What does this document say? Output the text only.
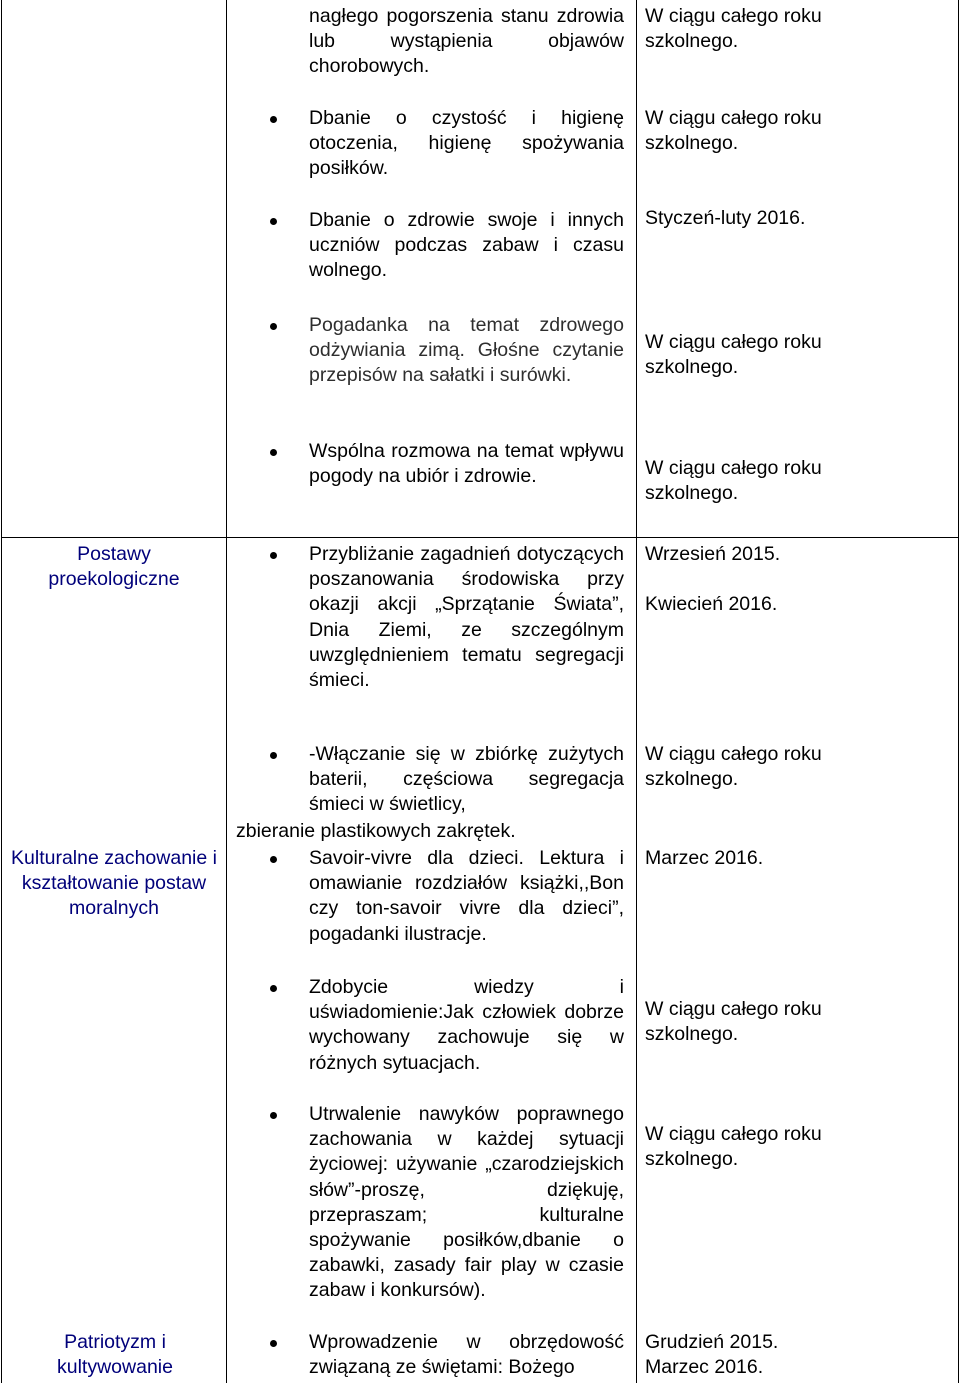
nagłego pogorszenia stanu zdrowia lub wystąpienia objawów chorobowych.
W ciągu całego roku szkolnego.
Dbanie o czystość i higienę otoczenia, higienę spożywania posiłków.
W ciągu całego roku szkolnego.
Dbanie o zdrowie swoje i innych uczniów podczas zabaw i czasu wolnego.
Styczeń-luty 2016.
Pogadanka na temat zdrowego odżywiania zimą. Głośne czytanie przepisów na sałatki i surówki.
W ciągu całego roku szkolnego.
Wspólna rozmowa na temat wpływu pogody na ubiór i zdrowie.	W ciągu całego roku szkolnego.
Postawy proekologiczne
Przybliżanie zagadnień dotyczących poszanowania środowiska przy okazji akcji „Sprzątanie Świata”, Dnia Ziemi, ze szczególnym uwzględnieniem tematu segregacji śmieci.
Wrzesień 2015.
Kwiecień 2016.
-Włączanie się w zbiórkę zużytych baterii, częściowa segregacja śmieci w świetlicy,
zbieranie plastikowych zakrętek.
W ciągu całego roku szkolnego.
Kulturalne zachowanie i kształtowanie postaw moralnych
Savoir-vivre dla dzieci. Lektura i omawianie rozdziałów książki,,Bon czy ton-savoir vivre dla dzieci”, pogadanki ilustracje.
Marzec 2016.
Zdobycie wiedzy i uświadomienie:Jak człowiek dobrze wychowany zachowuje się w różnych sytuacjach.
W ciągu całego roku szkolnego.
Utrwalenie nawyków poprawnego zachowania w każdej sytuacji życiowej: używanie „czarodziejskich słów”-proszę, dziękuję, przepraszam; kulturalne spożywanie posiłków,dbanie o zabawki, zasady fair play w czasie zabaw i konkursów).
W ciągu całego roku szkolnego.
Patriotyzm i kultywowanie
Wprowadzenie w obrzędowość związaną ze świętami: Bożego
Grudzień 2015.
Marzec 2016.
